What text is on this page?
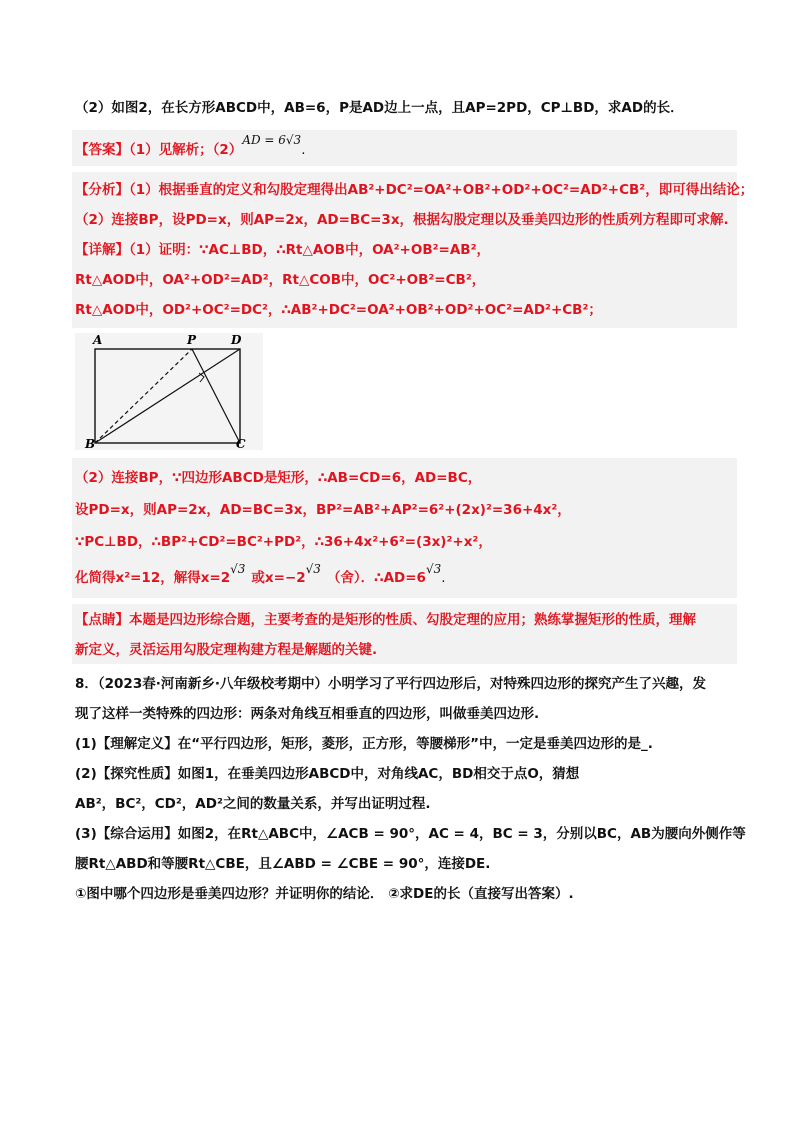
（2）如图2，在长方形ABCD中，AB=6，P是AD边上一点，且AP=2PD，CP⊥BD，求AD的长．
【答案】（1）见解析；（2）AD = 6√3.
【分析】（1）根据垂直的定义和勾股定理得出AB²+DC²=OA²+OB²+OD²+OC²=AD²+CB²，即可得出结论；
（2）连接BP，设PD=x，则AP=2x，AD=BC=3x，根据勾股定理以及垂美四边形的性质列方程即可求解.
【详解】（1）证明：∵AC⊥BD，∴Rt△AOB中，OA²+OB²=AB²，
Rt△AOD中，OA²+OD²=AD²，Rt△COB中，OC²+OB²=CB²，
Rt△AOD中，OD²+OC²=DC²，∴AB²+DC²=OA²+OB²+OD²+OC²=AD²+CB²；
A	P	D
B	C
（2）连接BP，∵四边形ABCD是矩形，∴AB=CD=6，AD=BC，
设PD=x，则AP=2x，AD=BC=3x，BP²=AB²+AP²=6²+(2x)²=36+4x²，
∵PC⊥BD，∴BP²+CD²=BC²+PD²，∴36+4x²+6²=(3x)²+x²，
化简得x²=12，解得x=2√3或x=−2√3（舍）．∴AD=6√3.
【点睛】本题是四边形综合题，主要考查的是矩形的性质、勾股定理的应用；熟练掌握矩形的性质，理解
新定义，灵活运用勾股定理构建方程是解题的关键.
8．（2023春·河南新乡·八年级校考期中）小明学习了平行四边形后，对特殊四边形的探究产生了兴趣，发
现了这样一类特殊的四边形：两条对角线互相垂直的四边形，叫做垂美四边形.
(1)【理解定义】在“平行四边形，矩形，菱形，正方形，等腰梯形”中，一定是垂美四边形的是_.
(2)【探究性质】如图1，在垂美四边形ABCD中，对角线AC，BD相交于点O，猜想
AB²，BC²，CD²，AD²之间的数量关系，并写出证明过程.
(3)【综合运用】如图2，在Rt△ABC中，∠ACB = 90°，AC = 4，BC = 3，分别以BC，AB为腰向外侧作等
腰Rt△ABD和等腰Rt△CBE，且∠ABD = ∠CBE = 90°，连接DE.
①图中哪个四边形是垂美四边形？并证明你的结论． ②求DE的长（直接写出答案）.
